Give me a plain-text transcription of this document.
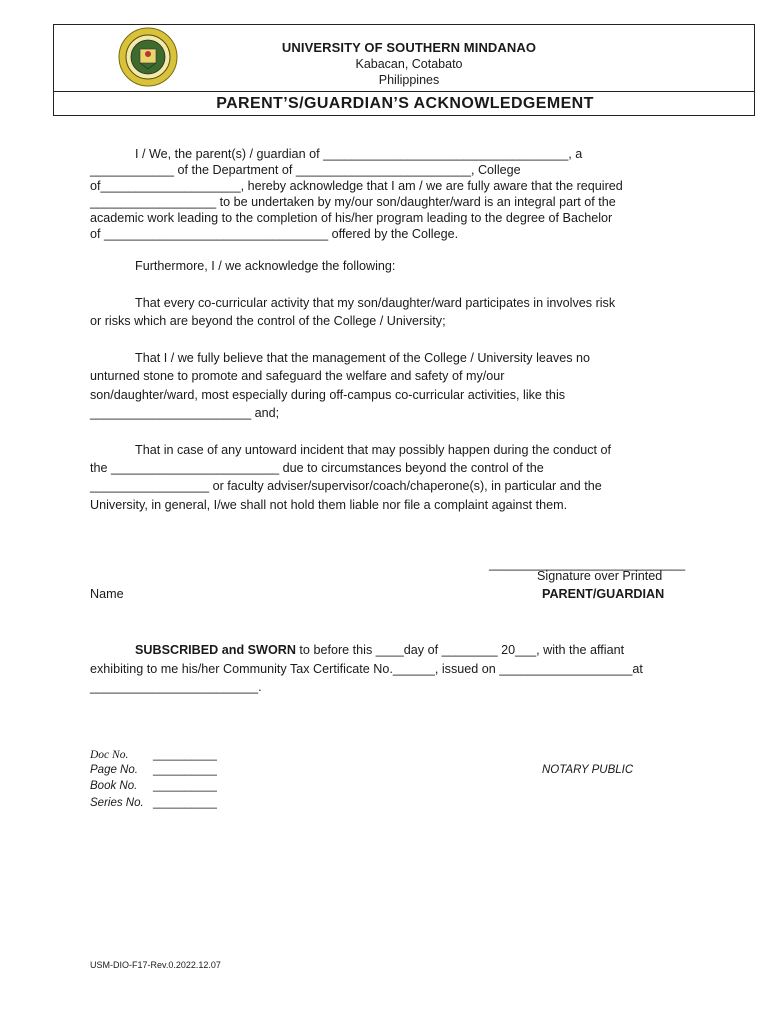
UNIVERSITY OF SOUTHERN MINDANAO
Kabacan, Cotabato
Philippines
PARENT’S/GUARDIAN’S ACKNOWLEDGEMENT
I / We, the parent(s) / guardian of ___________________________________, a
____________ of the Department of _________________________, College
of____________________, hereby acknowledge that I am / we are fully aware that the required
__________________ to be undertaken by my/our son/daughter/ward is an integral part of the
academic work leading to the completion of his/her program leading to the degree of Bachelor
of ________________________________ offered by the College.
Furthermore, I / we acknowledge the following:
That every co-curricular activity that my son/daughter/ward participates in involves risk
or risks which are beyond the control of the College / University;
That I / we fully believe that the management of the College / University leaves no
unturned stone to promote and safeguard the welfare and safety of my/our
son/daughter/ward, most especially during off-campus co-curricular activities, like this
_______________________ and;
That in case of any untoward incident that may possibly happen during the conduct of
the ________________________ due to circumstances beyond the control of the
_________________ or faculty adviser/supervisor/coach/chaperone(s), in particular and the
University, in general, I/we shall not hold them liable nor file a complaint against them.
____________________________
Signature over Printed
Name	PARENT/GUARDIAN
SUBSCRIBED and SWORN to before this ____day of ________ 20___, with the affiant
exhibiting to me his/her Community Tax Certificate No.______, issued on ___________________at
________________________.
Doc No. __________
Page No. __________
Book No. __________
Series No. __________
NOTARY PUBLIC
USM-DIO-F17-Rev.0.2022.12.07
